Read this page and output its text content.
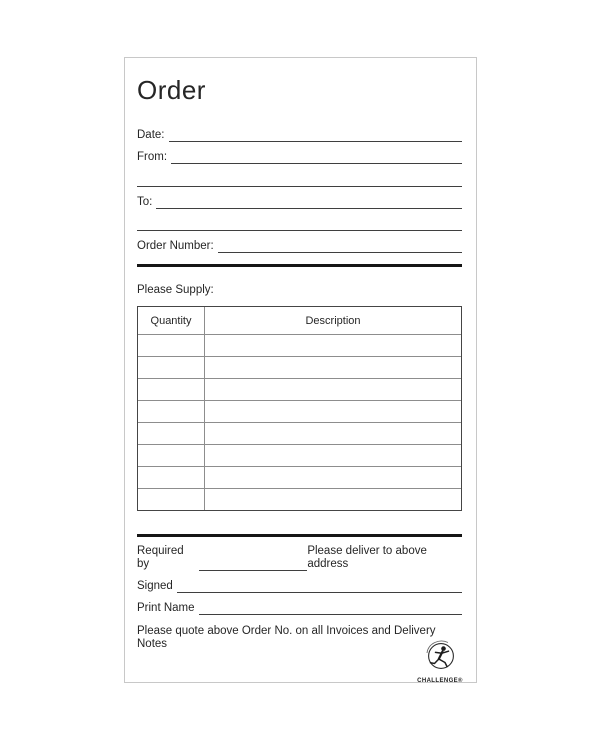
Order
Date:
From:
To:
Order Number:
Please Supply:
Quantity	Description

Required by
Please deliver to above address
Signed
Print Name
Please quote above Order No. on all Invoices and Delivery Notes
CHALLENGE®
